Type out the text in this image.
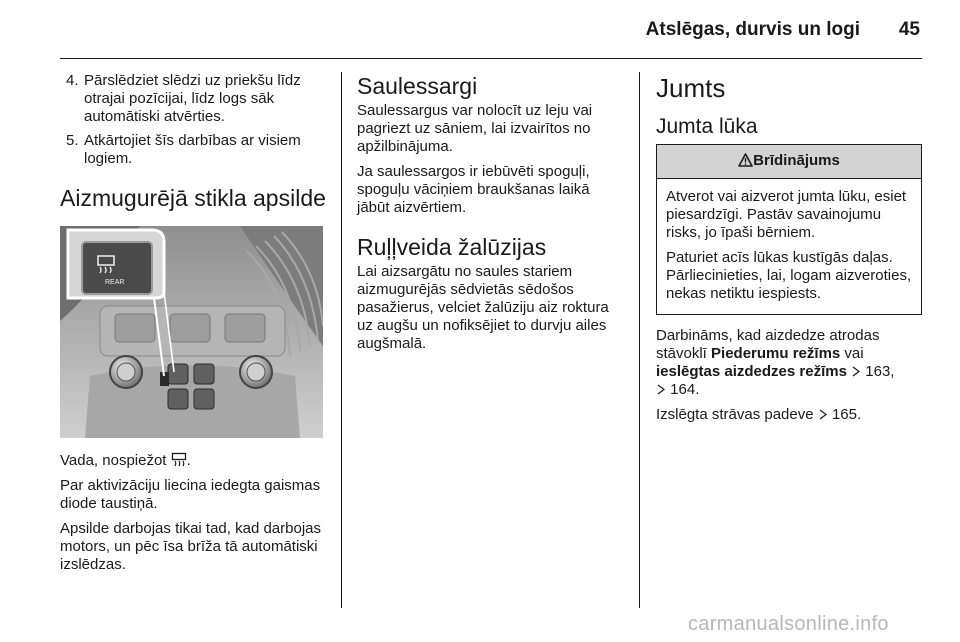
Atslēgas, durvis un logi	45
4. Pārslēdziet slēdzi uz priekšu līdz otrajai pozīcijai, līdz logs sāk automātiski atvērties.
5. Atkārtojiet šīs darbības ar visiem logiem.
Aizmugurējā stikla apsilde
REAR

Vada, nospiežot .

Par aktivizāciju liecina iedegta gaismas diode taustiņā.

Apsilde darbojas tikai tad, kad darbojas motors, un pēc īsa brīža tā automātiski izslēdzas.

Saulessargi

Saulessargus var nolocīt uz leju vai pagriezt uz sāniem, lai izvairītos no apžilbinājuma.

Ja saulessargos ir iebūvēti spoguļi, spoguļu vāciņiem braukšanas laikā jābūt aizvērtiem.

Ruļļveida žalūzijas

Lai aizsargātu no saules stariem aizmugurējās sēdvietās sēdošos pasažierus, velciet žalūziju aiz roktura uz augšu un nofiksējiet to durvju ailes augšmalā.

Jumts
Jumta lūka
Brīdinājums

Atverot vai aizverot jumta lūku, esiet piesardzīgi. Pastāv savainojumu risks, jo īpaši bērniem.

Paturiet acīs lūkas kustīgās daļas. Pārliecinieties, lai, logam aizveroties, nekas netiktu iespiests.

Darbināms, kad aizdedze atrodas stāvoklī Piederumu režīms vai ieslēgtas aizdedzes režīms 163,
164.

Izslēgta strāvas padeve 165.

carmanualsonline.info
